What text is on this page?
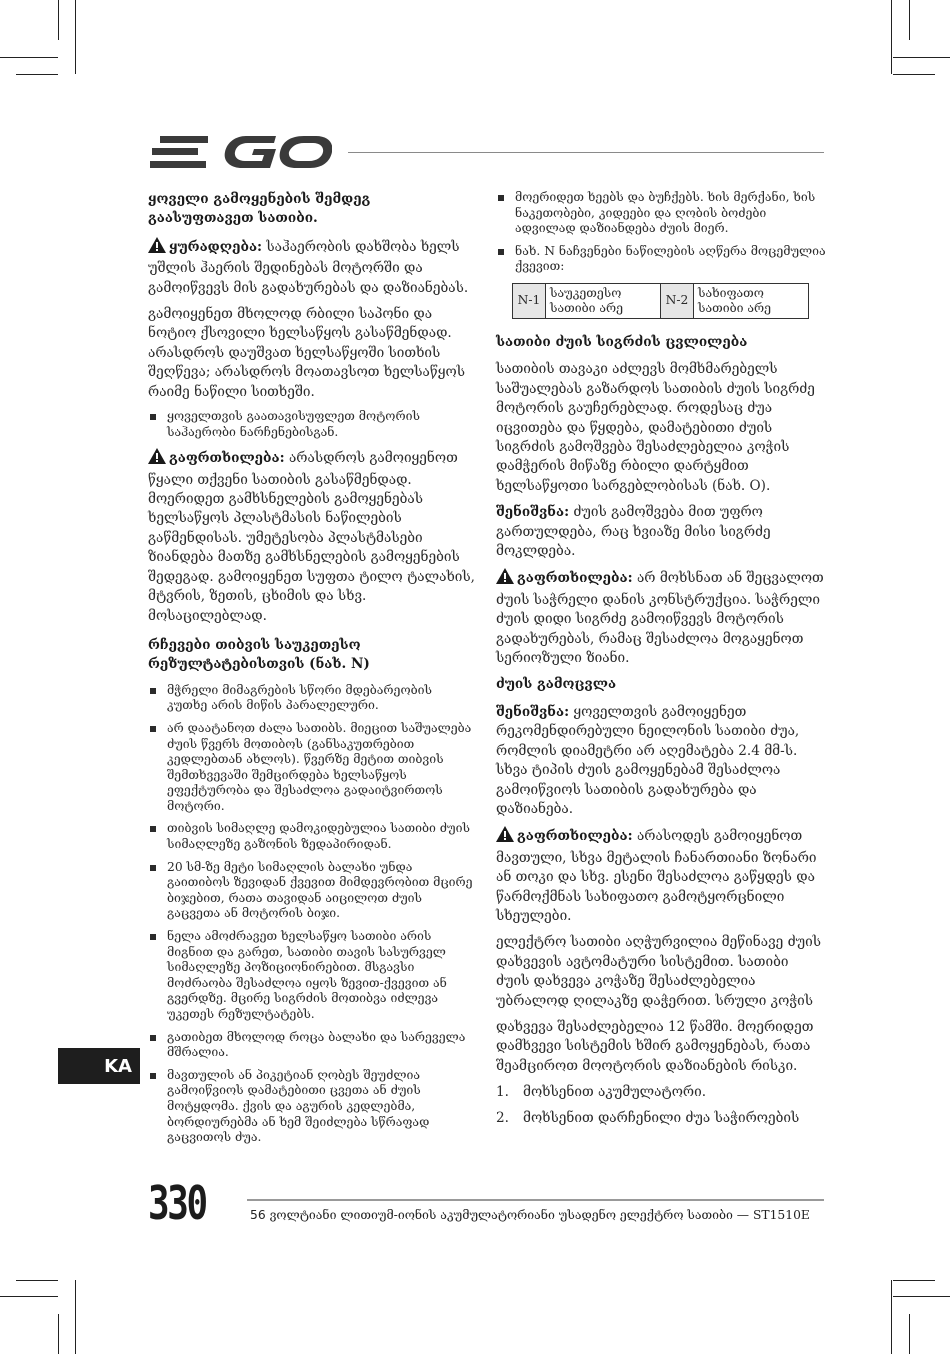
ყოველი გამოყენების შემდეგ გაასუფთავეთ სათიბი.

ყურადღება: საჰაერობის დახშობა ხელს უშლის ჰაერის შედინებას მოტორში და გამოიწვევს მის გადახურებას და დაზიანებას.

გამოიყენეთ მხოლოდ რბილი საპონი და ნოტიო ქსოვილი ხელსაწყოს გასაწმენდად. არასდროს დაუშვათ ხელსაწყოში სითხის შეღწევა; არასდროს მოათავსოთ ხელსაწყოს რაიმე ნაწილი სითხეში.

ყოველთვის გაათავისუფლეთ მოტორის საჰაერობი ნარჩენებისგან.

გაფრთხილება: არასდროს გამოიყენოთ წყალი თქვენი სათიბის გასაწმენდად. მოერიდეთ გამხსნელების გამოყენებას ხელსაწყოს პლასტმასის ნაწილების გაწმენდისას. უმეტესობა პლასტმასები ზიანდება მათზე გამხსნელების გამოყენების შედეგად. გამოიყენეთ სუფთა ტილო ტალახის, მტვრის, ზეთის, ცხიმის და სხვ. მოსაცილებლად.

რჩევები თიბვის საუკეთესო რეზულტატებისთვის (ნახ. N)
მჭრელი მიმაგრების სწორი მდებარეობის კუთხე არის მიწის პარალელური.
არ დაატანოთ ძალა სათიბს. მიეცით საშუალება ძუის წვერს მოთიბოს (განსაკუთრებით კედლებთან ახლოს). წვერზე მეტით თიბვის შემთხვევაში შემცირდება ხელსაწყოს ეფექტურობა და შესაძლოა გადაიტვირთოს მოტორი.
თიბვის სიმაღლე დამოკიდებულია სათიბი ძუის სიმაღლეზე გაზონის ზედაპირიდან.
20 სმ-ზე მეტი სიმაღლის ბალახი უნდა გაითიბოს ზევიდან ქვევით მიმდევრობით მცირე ბიჯებით, რათა თავიდან აიცილოთ ძუის გაცვეთა ან მოტორის ბიჯი.
ნელა ამოძრავეთ ხელსაწყო სათიბი არის მიგნით და გარეთ, სათიბი თავის სასურველ სიმაღლეზე პოზიციონირებით. მსგავსი მოძრაობა შესაძლოა იყოს ზევით-ქვევით ან გვერდზე. მცირე სიგრძის მოთიბვა იძლევა უკეთეს რეზულტატებს.
გათიბეთ მხოლოდ როცა ბალახი და სარეველა მშრალია.
მავთულის ან პიკეტიან ღობეს შეუძლია გამოიწვიოს დამატებითი ცვეთა ან ძუის მოტყდომა. ქვის და აგურის კედლებმა, ბორდიურებმა ან ხემ შეიძლება სწრაფად გაცვითოს ძუა.
მოერიდეთ ხეებს და ბუჩქებს. ხის მერქანი, ხის ნაკეთობები, კიდეები და ღობის ბოძები ადვილად დაზიანდება ძუის მიერ.
ნახ. N ნაჩვენები ნაწილების აღწერა მოცემულია ქვევით:
N-1	საუკეთესო სათიბი არე	N-2	სახიფათო სათიბი არე
სათიბი ძუის სიგრძის ცვლილება

სათიბის თავაკი აძლევს მომხმარებელს საშუალებას გაზარდოს სათიბის ძუის სიგრძე მოტორის გაუჩერებლად. როდესაც ძუა იცვითება და წყდება, დამატებითი ძუის სიგრძის გამოშვება შესაძლებელია კოჭის დამჭერის მიწაზე რბილი დარტყმით ხელსაწყოთი სარგებლობისას (ნახ. O).

შენიშვნა: ძუის გამოშვება მით უფრო გართულდება, რაც ხვიაზე მისი სიგრძე მოკლდება.

გაფრთხილება: არ მოხსნათ ან შეცვალოთ ძუის საჭრელი დანის კონსტრუქცია. საჭრელი ძუის დიდი სიგრძე გამოიწვევს მოტორის გადახურებას, რამაც შესაძლოა მოგაყენოთ სერიოზული ზიანი.

ძუის გამოცვლა

შენიშვნა: ყოველთვის გამოიყენეთ რეკომენდირებული ნეილონის სათიბი ძუა, რომლის დიამეტრი არ აღემატება 2.4 მმ-ს. სხვა ტიპის ძუის გამოყენებამ შესაძლოა გამოიწვიოს სათიბის გადახურება და დაზიანება.

გაფრთხილება: არასოდეს გამოიყენოთ მავთული, სხვა მეტალის ჩანართიანი ზონარი ან თოკი და სხვ. ესენი შესაძლოა გაწყდეს და წარმოქმნას სახიფათო გამოტყორცნილი სხეულები.

ელექტრო სათიბი აღჭურვილია მეწინავე ძუის დახვევის ავტომატური სისტემით. სათიბი ძუის დახვევა კოჭაზე შესაძლებელია უბრალოდ ღილაკზე დაჭერით. სრული კოჭის

დახვევა შესაძლებელია 12 წამში. მოერიდეთ დამხვევი სისტემის ხშირ გამოყენებას, რათა შეამციროთ მოოტორის დაზიანების რისკი.

1.	მოხსენით აკუმულატორი.
2.	მოხსენით დარჩენილი ძუა საჭიროების
KA
330	56 ვოლტიანი ლითიუმ-იონის აკუმულატორიანი უსადენო ელექტრო სათიბი — ST1510E
